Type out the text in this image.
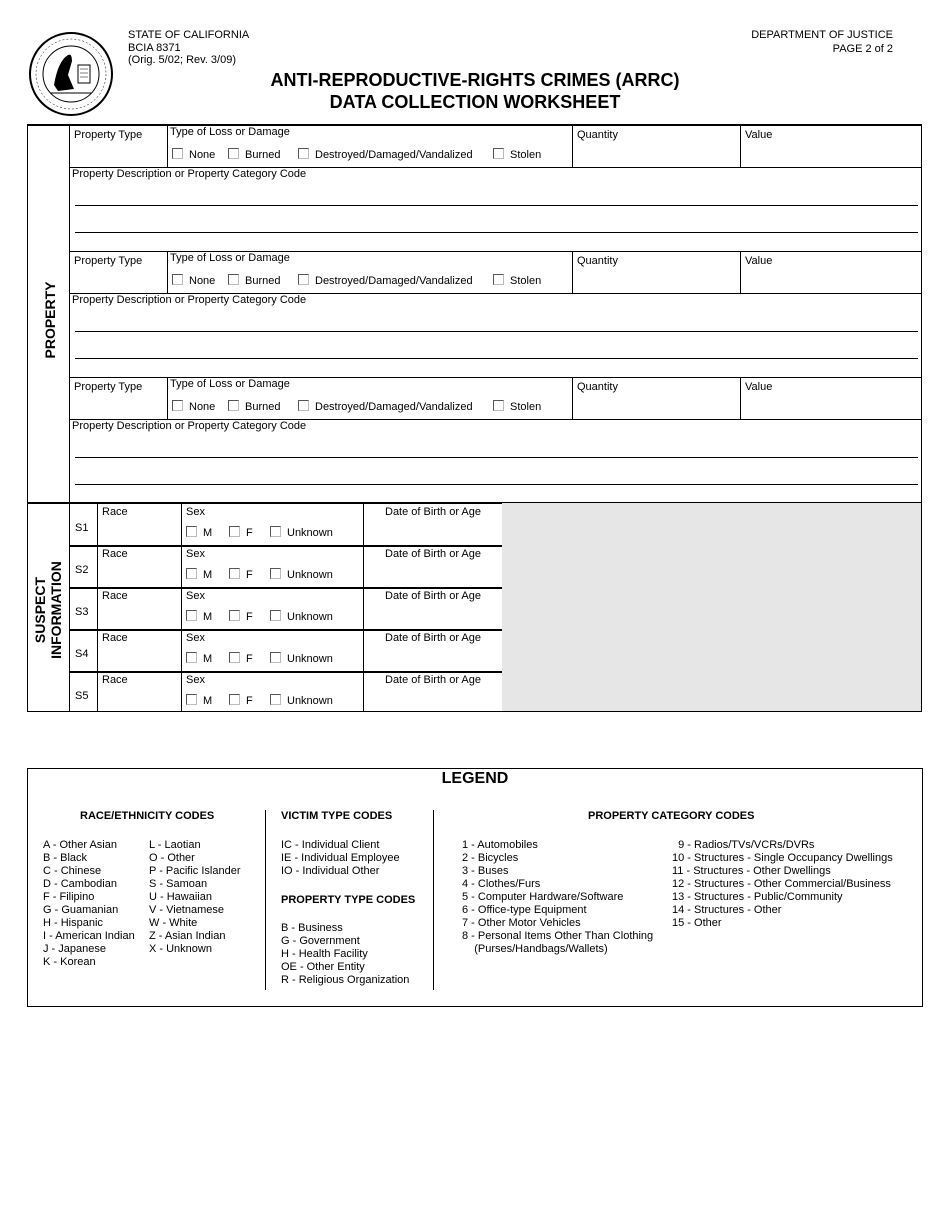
STATE OF CALIFORNIA
BCIA 8371
(Orig. 5/02; Rev. 3/09)
DEPARTMENT OF JUSTICE
PAGE 2 of 2
ANTI-REPRODUCTIVE-RIGHTS CRIMES (ARRC)
DATA COLLECTION WORKSHEET
PROPERTY
SUSPECT INFORMATION
Property Type	Type of Loss or Damage	Quantity	Value
Property Description or Property Category Code
None	Burned	Destroyed/Damaged/Vandalized	Stolen
Property Type	Type of Loss or Damage	Quantity	Value
Property Description or Property Category Code
None	Burned	Destroyed/Damaged/Vandalized	Stolen
Property Type	Type of Loss or Damage	Quantity	Value
Property Description or Property Category Code
None	Burned	Destroyed/Damaged/Vandalized	Stolen
S1
Race	Sex	Date of Birth or Age
M	F	Unknown
S2
Race	Sex	Date of Birth or Age
M	F	Unknown
S3
Race	Sex	Date of Birth or Age
M	F	Unknown
S4
Race	Sex	Date of Birth or Age
M	F	Unknown
S5
Race	Sex	Date of Birth or Age
M	F	Unknown
LEGEND
RACE/ETHNICITY CODES
A - Other Asian
B - Black
C - Chinese
D - Cambodian
F - Filipino
G - Guamanian
H - Hispanic
I - American Indian
J - Japanese
K - Korean
L - Laotian
O - Other
P - Pacific Islander
S - Samoan
U - Hawaiian
V - Vietnamese
W - White
Z - Asian Indian
X - Unknown
VICTIM TYPE CODES
IC - Individual Client
IE - Individual Employee
IO - Individual Other
PROPERTY TYPE CODES
B - Business
G - Government
H - Health Facility
OE - Other Entity
R - Religious Organization
PROPERTY CATEGORY CODES
1 - Automobiles
2 - Bicycles
3 - Buses
4 - Clothes/Furs
5 - Computer Hardware/Software
6 - Office-type Equipment
7 - Other Motor Vehicles
8 - Personal Items Other Than Clothing
(Purses/Handbags/Wallets)
9 - Radios/TVs/VCRs/DVRs
10 - Structures - Single Occupancy Dwellings
11 - Structures - Other Dwellings
12 - Structures - Other Commercial/Business
13 - Structures - Public/Community
14 - Structures - Other
15 - Other
